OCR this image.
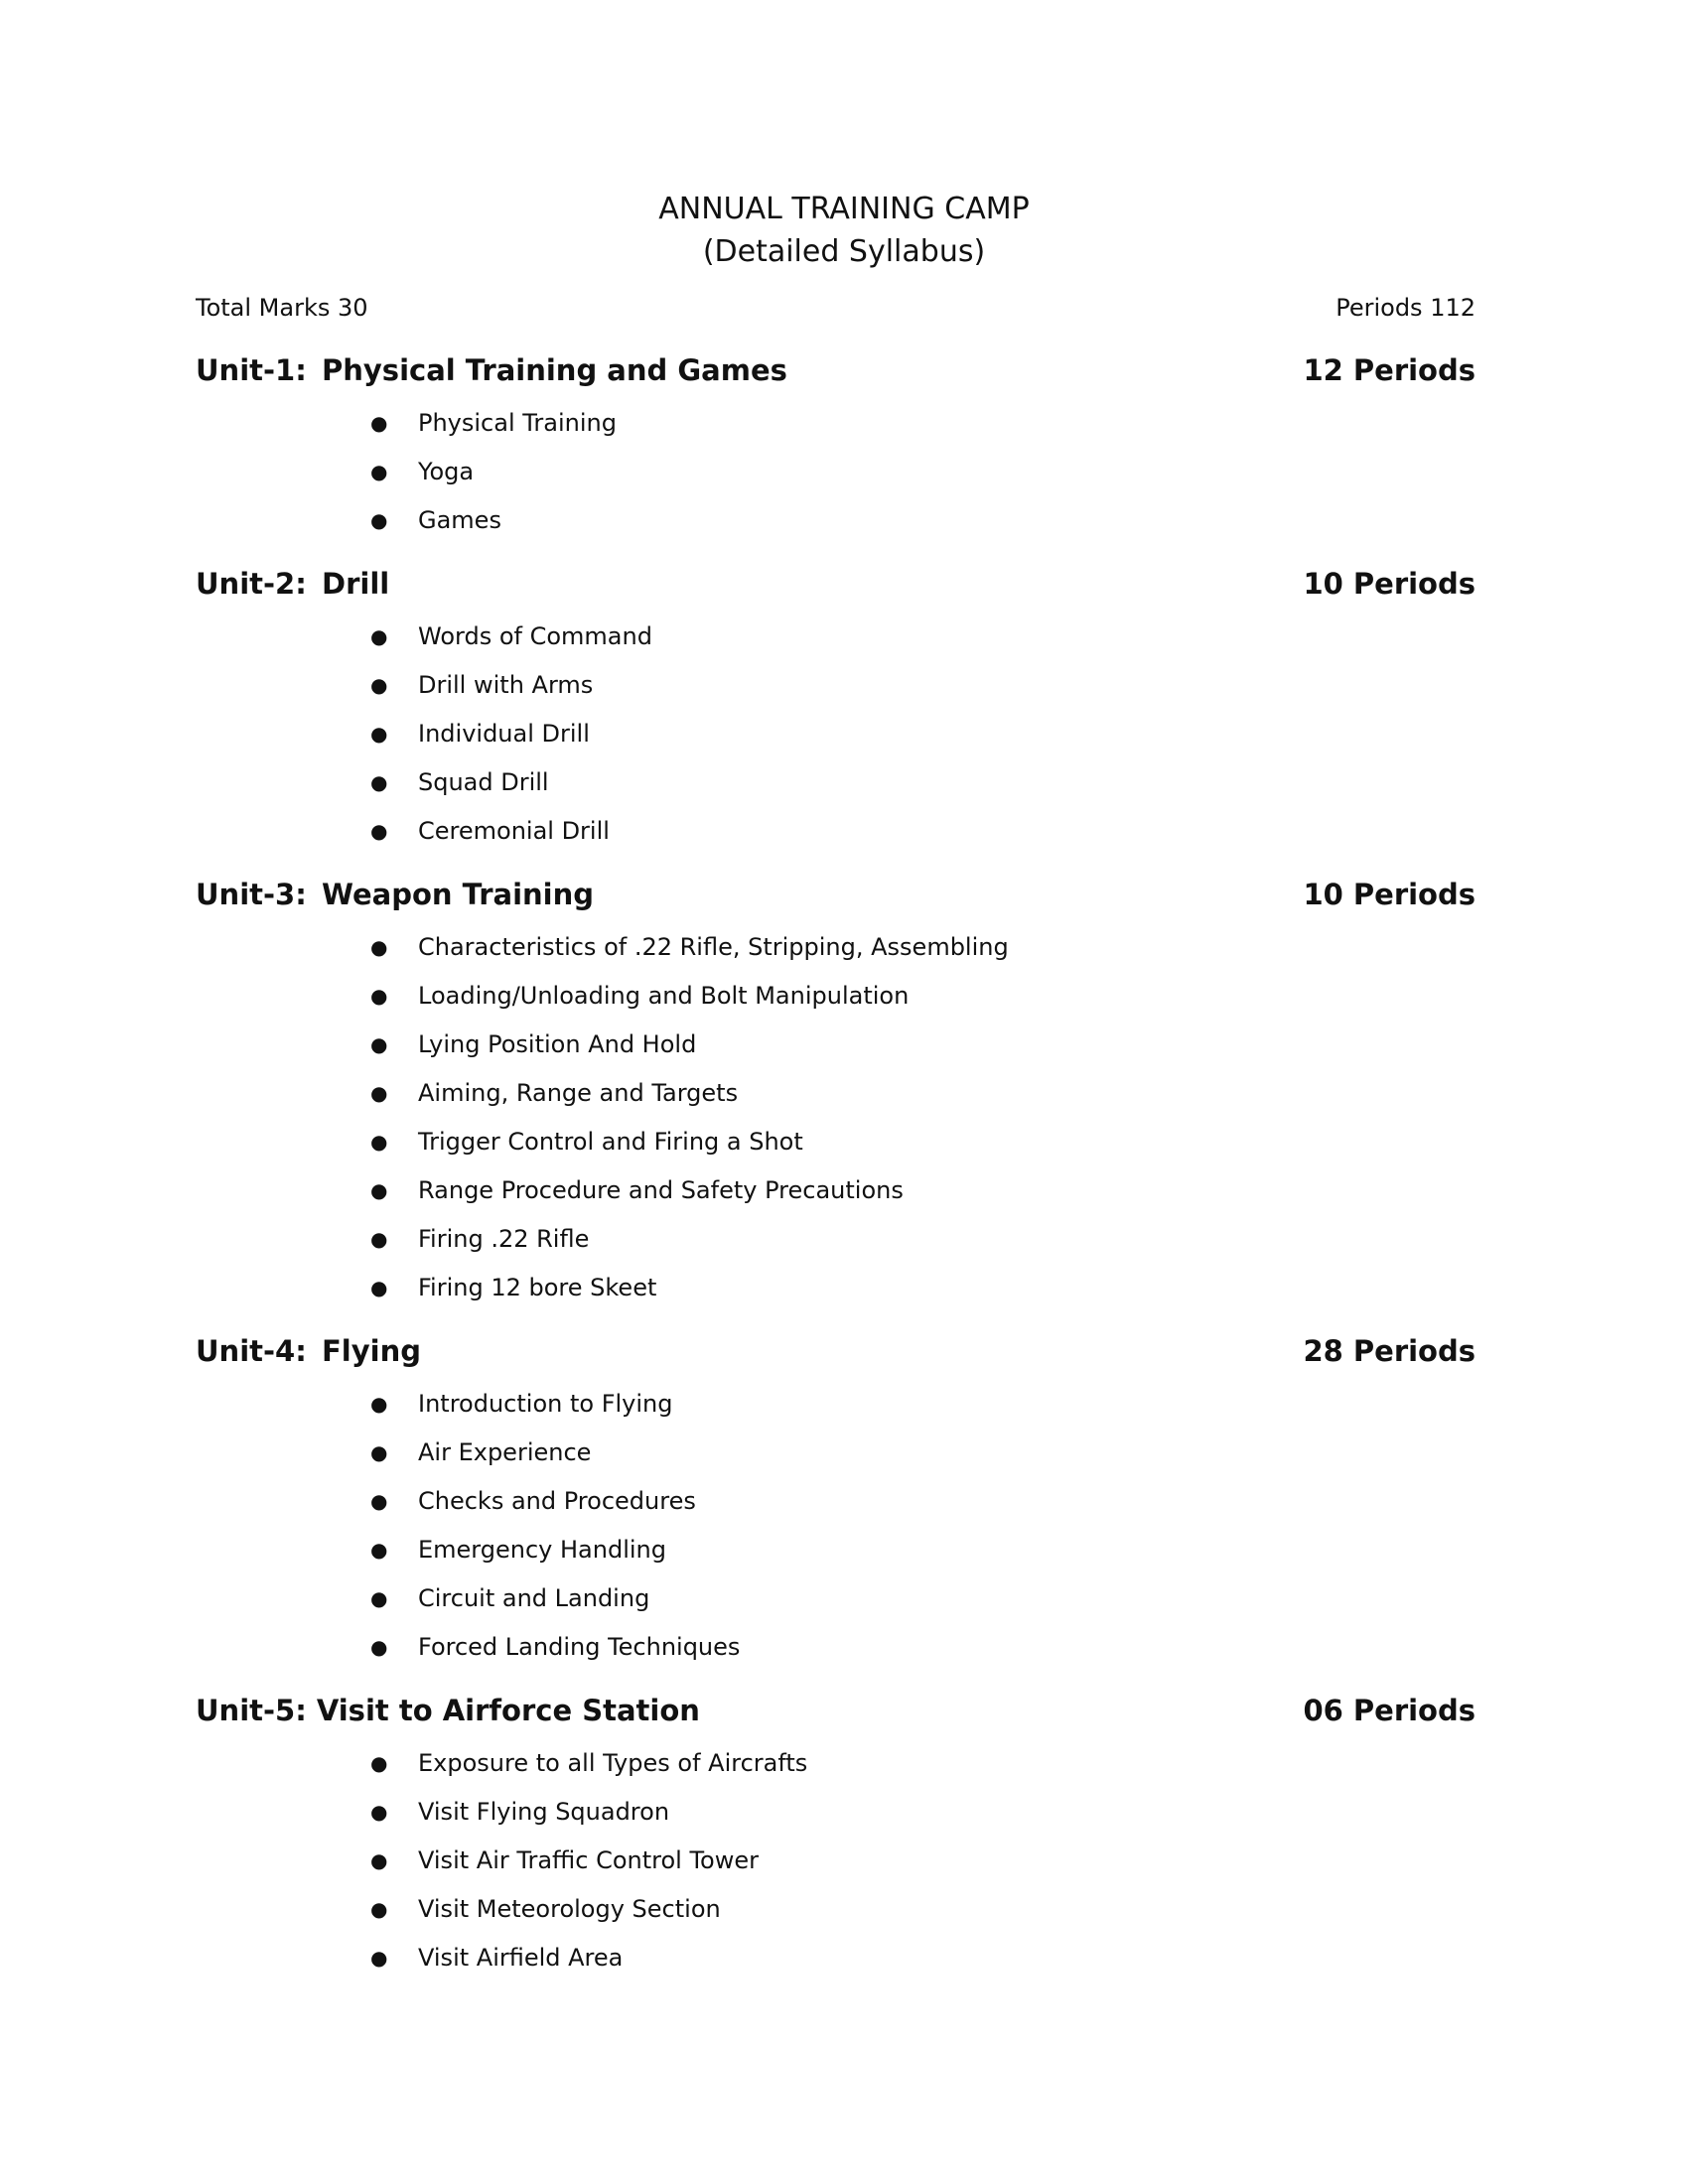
ANNUAL TRAINING CAMP
(Detailed Syllabus)
Total Marks 30	Periods 112
Unit-1: Physical Training and Games	12 Periods
● Physical Training
● Yoga
● Games
Unit-2: Drill	10 Periods
● Words of Command
● Drill with Arms
● Individual Drill
● Squad Drill
● Ceremonial Drill
Unit-3: Weapon Training	10 Periods
● Characteristics of .22 Rifle, Stripping, Assembling
● Loading/Unloading and Bolt Manipulation
● Lying Position And Hold
● Aiming, Range and Targets
● Trigger Control and Firing a Shot
● Range Procedure and Safety Precautions
● Firing .22 Rifle
● Firing 12 bore Skeet
Unit-4: Flying	28 Periods
● Introduction to Flying
● Air Experience
● Checks and Procedures
● Emergency Handling
● Circuit and Landing
● Forced Landing Techniques
Unit-5: Visit to Airforce Station	06 Periods
● Exposure to all Types of Aircrafts
● Visit Flying Squadron
● Visit Air Traffic Control Tower
● Visit Meteorology Section
● Visit Airfield Area
